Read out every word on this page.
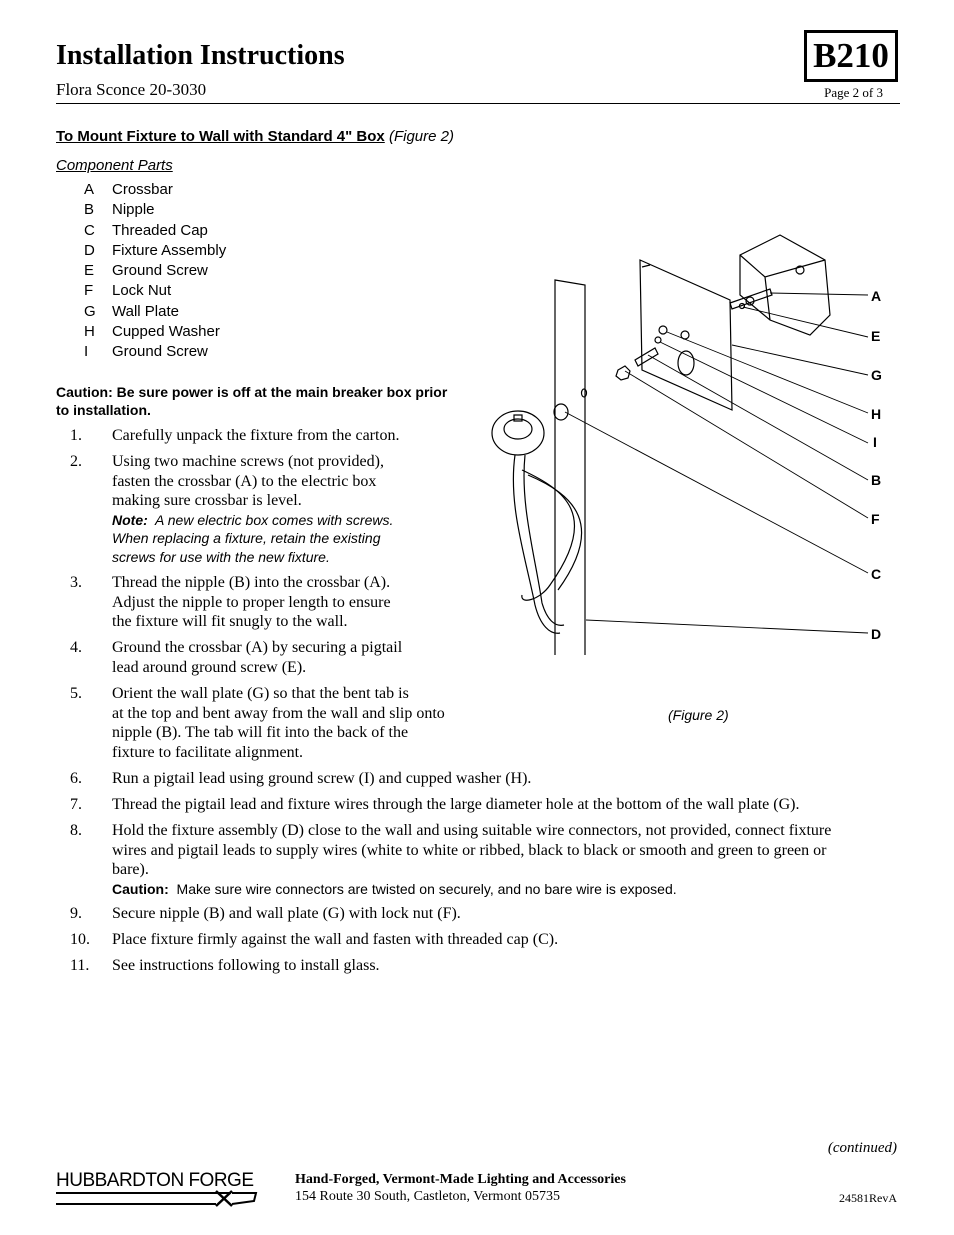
Installation Instructions
Flora Sconce 20-3030
B210
Page 2 of 3
To Mount Fixture to Wall with Standard 4" Box (Figure 2)
Component Parts
A	Crossbar
B	Nipple
C	Threaded Cap
D	Fixture Assembly
E	Ground Screw
F	Lock Nut
G	Wall Plate
H	Cupped Washer
I	Ground Screw
Caution: Be sure power is off at the main breaker box prior to installation.
1.	Carefully unpack the fixture from the carton.
2.	Using two machine screws (not provided),
fasten the crossbar (A) to the electric box
making sure crossbar is level.
Note: A new electric box comes with screws.
When replacing a fixture, retain the existing
screws for use with the new fixture.
3.	Thread the nipple (B) into the crossbar (A).
Adjust the nipple to proper length to ensure
the fixture will fit snugly to the wall.
4.	Ground the crossbar (A) by securing a pigtail
lead around ground screw (E).
5.	Orient the wall plate (G) so that the bent tab is
at the top and bent away from the wall and slip onto
nipple (B). The tab will fit into the back of the
fixture to facilitate alignment.
6.	Run a pigtail lead using ground screw (I) and cupped washer (H).
7.	Thread the pigtail lead and fixture wires through the large diameter hole at the bottom of the wall plate (G).
8.	Hold the fixture assembly (D) close to the wall and using suitable wire connectors, not provided, connect fixture
wires and pigtail leads to supply wires (white to white or ribbed, black to black or smooth and green to green or
bare).
Caution: Make sure wire connectors are twisted on securely, and no bare wire is exposed.
9.	Secure nipple (B) and wall plate (G) with lock nut (F).
10.	Place fixture firmly against the wall and fasten with threaded cap (C).
11.	See instructions following to install glass.
A
E
G
H
I
B
F
C
D
(Figure 2)
(continued)
HUBBARDTON FORGE	Hand-Forged, Vermont-Made Lighting and Accessories
154 Route 30 South, Castleton, Vermont 05735	24581RevA
